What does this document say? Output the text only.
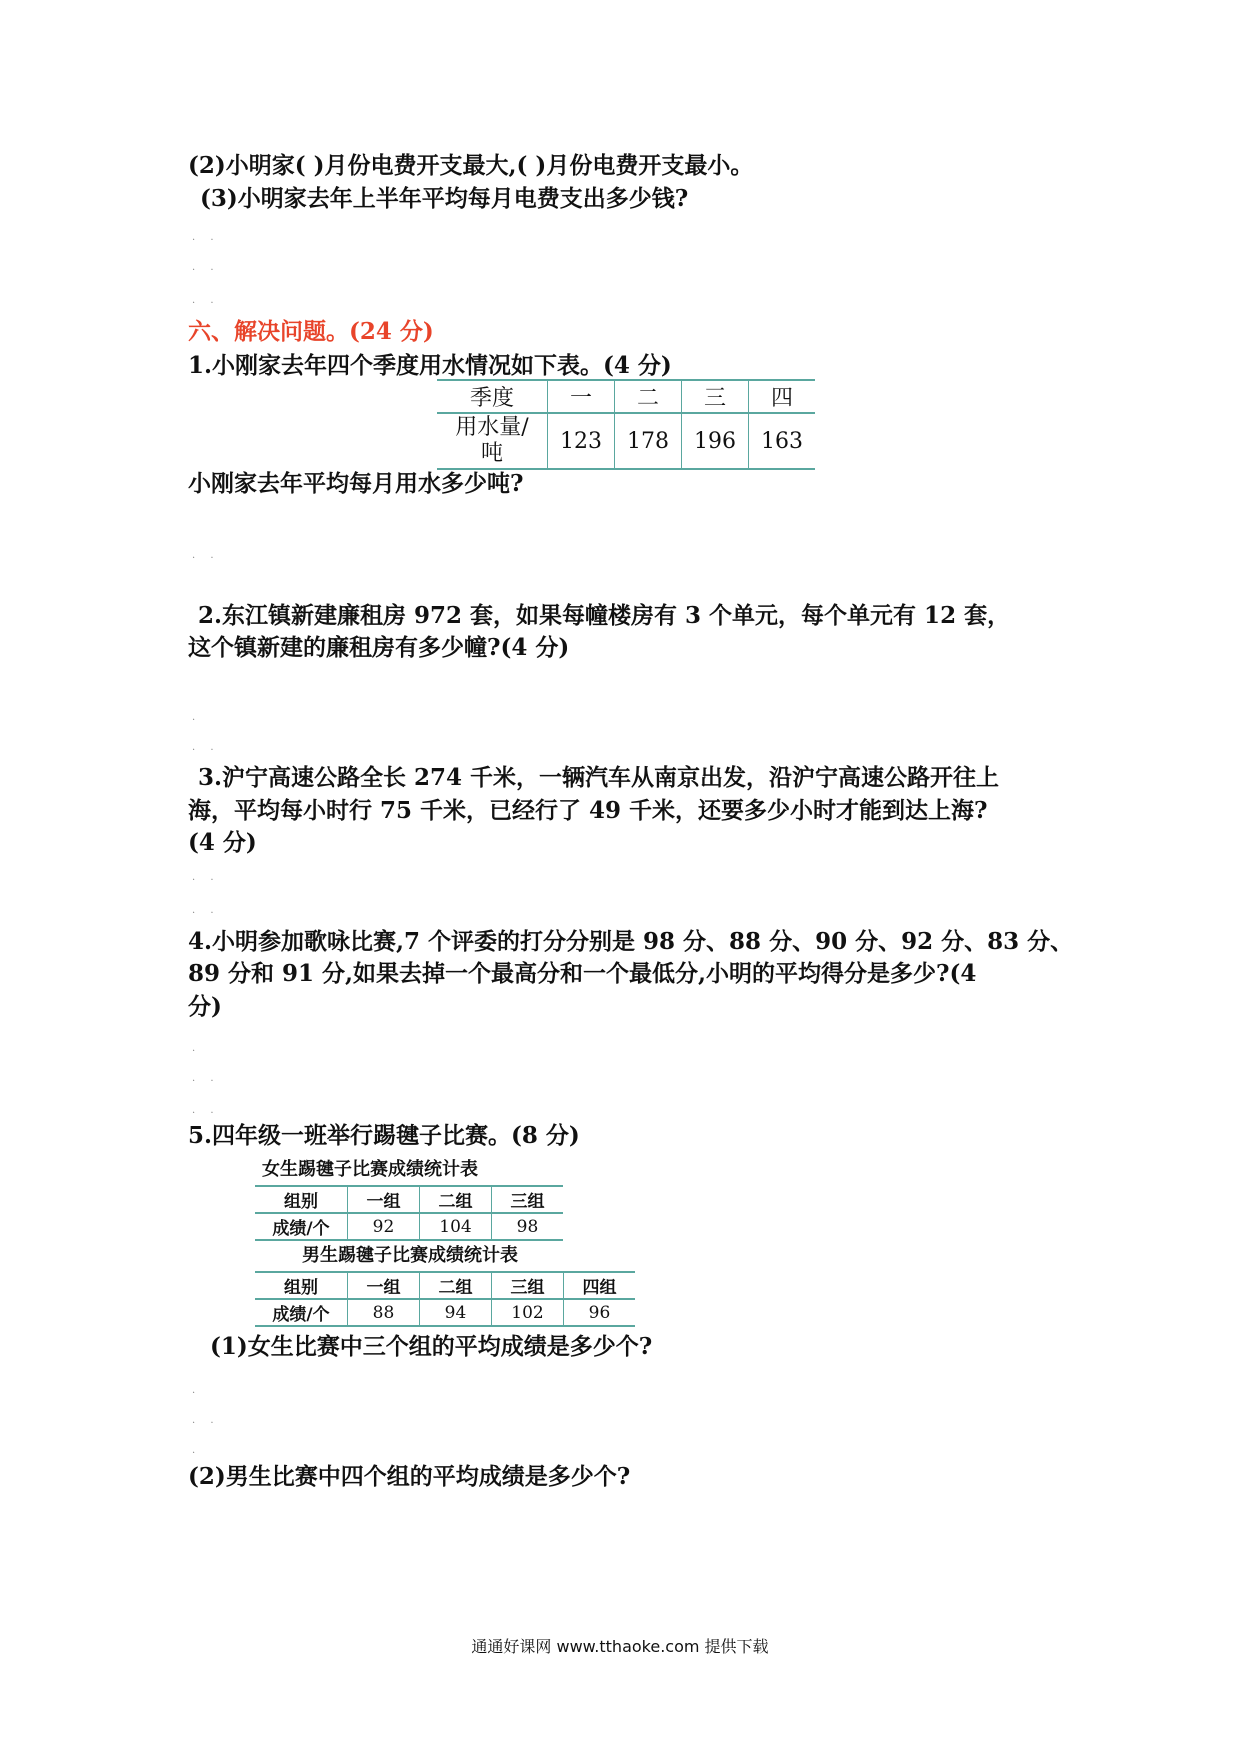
(2)小明家( )月份电费开支最大,( )月份电费开支最小。
(3)小明家去年上半年平均每月电费支出多少钱?
. .
. .
. .
六、解决问题。(24 分)
1.小刚家去年四个季度用水情况如下表。(4 分)
季度	一	二	三	四
用水量/吨	123	178	196	163
小刚家去年平均每月用水多少吨?
. .
2.东江镇新建廉租房 972 套，如果每幢楼房有 3 个单元，每个单元有 12 套，
这个镇新建的廉租房有多少幢?(4 分)
.
. .
3.沪宁高速公路全长 274 千米，一辆汽车从南京出发，沿沪宁高速公路开往上
海，平均每小时行 75 千米，已经行了 49 千米，还要多少小时才能到达上海?
(4 分)
. .
. .
4.小明参加歌咏比赛,7 个评委的打分分别是 98 分、88 分、90 分、92 分、83 分、
89 分和 91 分,如果去掉一个最高分和一个最低分,小明的平均得分是多少?(4
分)
.
. .
. .
5.四年级一班举行踢毽子比赛。(8 分)
女生踢毽子比赛成绩统计表
组别	一组	二组	三组
成绩/个	92	104	98
男生踢毽子比赛成绩统计表
组别	一组	二组	三组	四组
成绩/个	88	94	102	96
(1)女生比赛中三个组的平均成绩是多少个?
.
. .
.
(2)男生比赛中四个组的平均成绩是多少个?
通通好课网 www.tthaoke.com 提供下载
